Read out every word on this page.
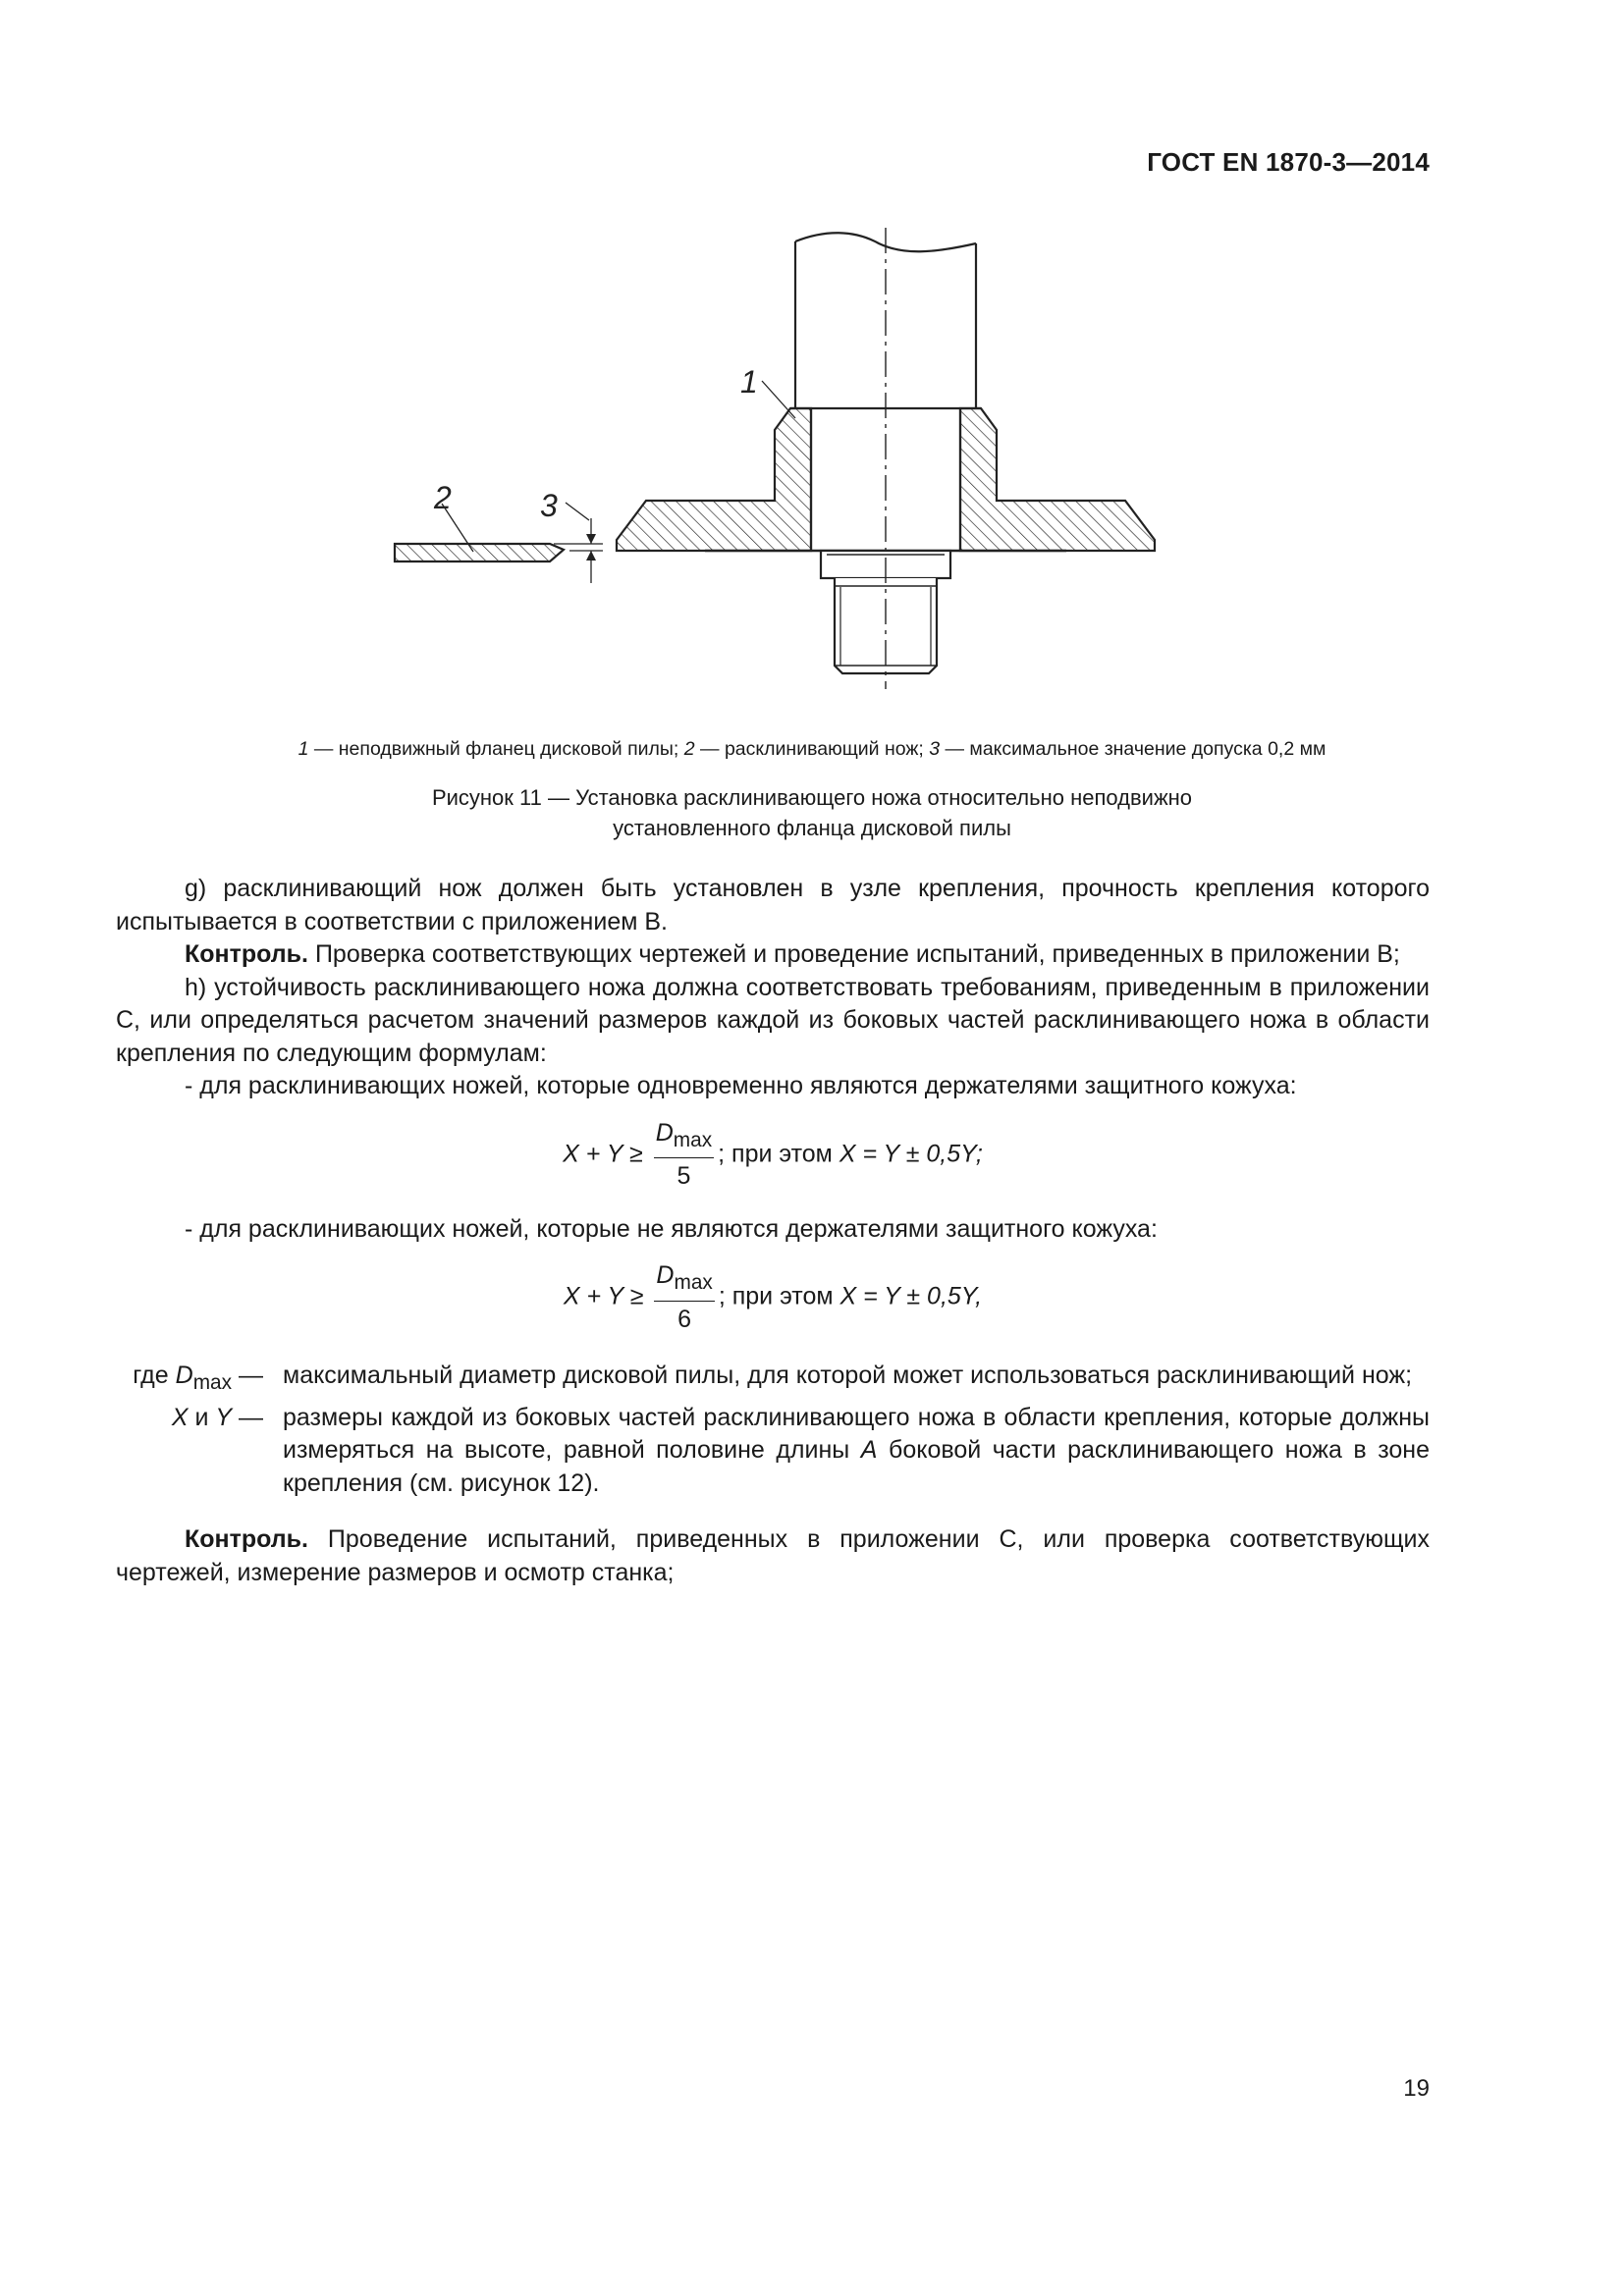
ГОСТ EN 1870-3—2014
1
2	3
1 — неподвижный фланец дисковой пилы; 2 — расклинивающий нож; 3 — максимальное значение допуска 0,2 мм
Рисунок 11 — Установка расклинивающего ножа относительно неподвижно
установленного фланца дисковой пилы
g) расклинивающий нож должен быть установлен в узле крепления, прочность крепления которого испытывается в соответствии с приложением B.
Контроль. Проверка соответствующих чертежей и проведение испытаний, приведенных в приложении B;
h) устойчивость расклинивающего ножа должна соответствовать требованиям, приведенным в приложении C, или определяться расчетом значений размеров каждой из боковых частей расклинивающего ножа в области крепления по следующим формулам:
- для расклинивающих ножей, которые одновременно являются держателями защитного кожуха:
$X + Y \ge \frac{D_{max}}{5}$ ; при этом X = Y ± 0,5Y;
- для расклинивающих ножей, которые не являются держателями защитного кожуха:
$X + Y \ge \frac{D_{max}}{6}$ ; при этом X = Y ± 0,5Y,
где $D_{max}$ — максимальный диаметр дисковой пилы, для которой может использоваться расклинивающий нож;
X и Y — размеры каждой из боковых частей расклинивающего ножа в области крепления, которые должны измеряться на высоте, равной половине длины A боковой части расклинивающего ножа в зоне крепления (см. рисунок 12).
Контроль. Проведение испытаний, приведенных в приложении C, или проверка соответствующих чертежей, измерение размеров и осмотр станка;
19
